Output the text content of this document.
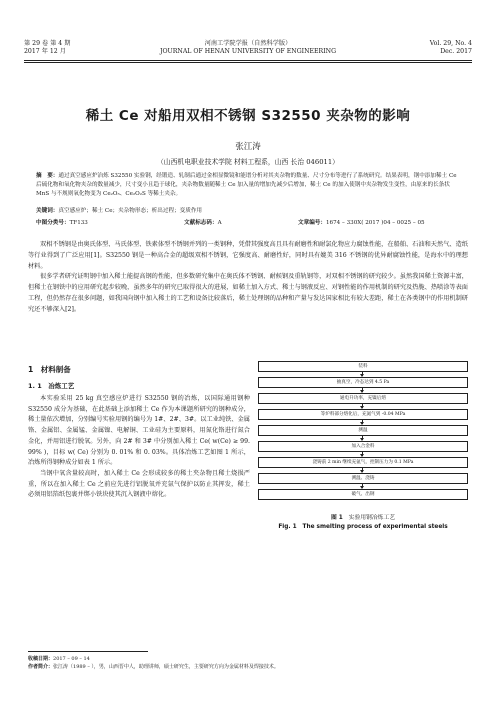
第 29 卷 第 4 期
2017 年 12 月
河南工学院学报（自然科学版）
JOURNAL OF HENAN UNIVERSITY OF ENGINEERING
Vol. 29, No. 4
Dec. 2017
稀土 Ce 对船用双相不锈钢 S32550 夹杂物的影响
张江涛
（山西机电职业技术学院 材料工程系，山西 长治 046011）
摘　要：通过真空感应炉冶炼 S32550 实验钢，经锻造、轧制后通过金相显微镜和能谱分析对其夹杂物的数量、尺寸分布等进行了系统研究。结果表明，钢中添加稀土 Ce 后硫化物和氧化物夹杂的数量减少，尺寸变小且趋于球化，夹杂物数量随稀土 Ce 加入量的增加先减少后增加，稀土 Ce 的加入使钢中夹杂物发生变性，由原来的长条状 MnS 与不规则氧化物变为 Ce₂O₃、Ce₂O₂S 等稀土夹杂。
关键词：真空感应炉；稀土 Ce；夹杂物形态；析出过程；变质作用
中图分类号：TF133	文献标志码：A	文章编号：1674 – 330X( 2017 )04 – 0025 – 05

双相不锈钢是由奥氏体型、马氏体型、铁素体型不锈钢并列的一类钢种，凭借其强度高且具有耐磨性和耐氯化物应力腐蚀性能，在船舶、石油和天然气、造纸等行业得到了广泛应用[1]。S32550 钢是一种高合金的超级双相不锈钢，它强度高、耐磨性好，同时具有媲美 316 不锈钢的优异耐腐蚀性能，是海水中的理想材料。

很多学者研究证明钢中加入稀土能提高钢的性能，但多数研究集中在奥氏体不锈钢、耐候钢及重轨钢等，对双相不锈钢的研究较少。虽然我国稀土资源丰富，但稀土在钢铁中的应用研究起步较晚，虽然多年的研究已取得很大的进展，如稀土加入方式、稀土与钢液反应、对钢性能的作用机制的研究及热脆、热喷涂等表面工程，但仍然存在很多问题，如我国向钢中加入稀土的工艺和设备比较落后，稀土处理钢的品种和产量与发达国家相比有较大差距，稀土在各类钢中的作用机制研究还不够深入[2]。

1　材料制备
1. 1　冶炼工艺

本实验采用 25 kg 真空感应炉进行 S32550 钢的冶炼，以国际通用钢种 S32550 成分为基础，在此基础上添加稀土 Ce 作为本课题所研究的钢种成分，稀土量依次增加，分别编号实验用钢的编号为 1#、2#、3#。以工业纯铁、金属铬、金属铝、金属锰、金属镍、电解铜、工业硅为主要原料，用氮化铬进行氮合金化，并用铝进行脱氧。另外，向 2# 和 3# 中分别加入稀土 Ce( w(Ce) ≥ 99. 99% )，目标 w( Ce) 分别为 0. 01% 和 0. 03%。具体冶炼工艺如图 1 所示，冶炼所得钢种成分如表 1 所示。

当钢中氧含量较高时，加入稀土 Ce 会形成较多的稀土夹杂物且稀土烧损严重，所以在加入稀土 Ce 之前应先进行铝脱氧并充氩气保护以防止其挥发，稀土必须用铝箔纸包裹并绑小铁块使其沉入钢液中熔化。

装料
抽真空，冷态达到 4.5 Pa
通电升功率，充镍后熔
等炉料部分熔化后，充氮气到 -0.04 MPa
测温
加入合金料
浇铸前 2 min 继续充氩气，控制压力为 0.1 MPa
测温、浇铸
破气、出钢
图 1　 实验用钢冶炼工艺
Fig. 1　 The smelting process of experimental steels
收稿日期：2017 – 09 – 14
作者简介：张江涛（1989 – ），男，山西晋中人，助理讲师，硕士研究生，主要研究方向为金属材料及焊接技术。
